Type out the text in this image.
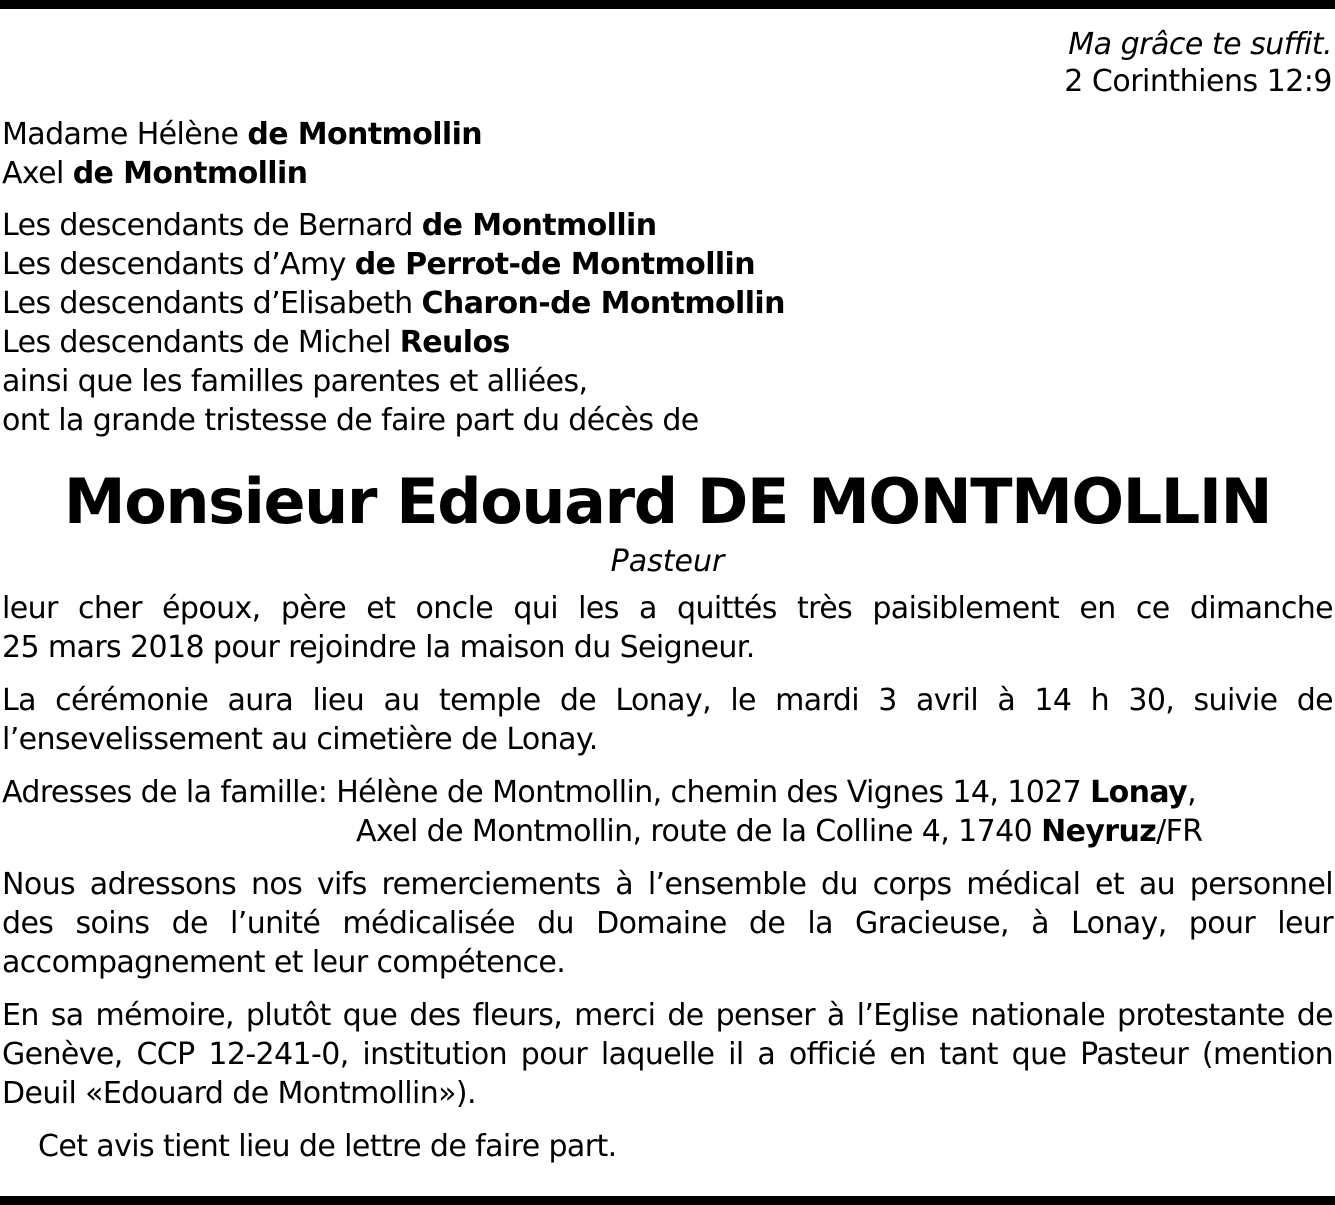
Ma grâce te suffit.
2 Corinthiens 12:9
Madame Hélène de Montmollin
Axel de Montmollin
Les descendants de Bernard de Montmollin
Les descendants d’Amy de Perrot-de Montmollin
Les descendants d’Elisabeth Charon-de Montmollin
Les descendants de Michel Reulos
ainsi que les familles parentes et alliées,
ont la grande tristesse de faire part du décès de
Monsieur Edouard DE MONTMOLLIN
Pasteur
leur cher époux, père et oncle qui les a quittés très paisiblement en ce dimanche
25 mars 2018 pour rejoindre la maison du Seigneur.
La cérémonie aura lieu au temple de Lonay, le mardi 3 avril à 14 h 30, suivie de
l’ensevelissement au cimetière de Lonay.
Adresses de la famille: Hélène de Montmollin, chemin des Vignes 14, 1027 Lonay,
Axel de Montmollin, route de la Colline 4, 1740 Neyruz/FR
Nous adressons nos vifs remerciements à l’ensemble du corps médical et au personnel
des soins de l’unité médicalisée du Domaine de la Gracieuse, à Lonay, pour leur
accompagnement et leur compétence.
En sa mémoire, plutôt que des fleurs, merci de penser à l’Eglise nationale protestante de
Genève, CCP 12-241-0, institution pour laquelle il a officié en tant que Pasteur (mention
Deuil «Edouard de Montmollin»).
Cet avis tient lieu de lettre de faire part.
